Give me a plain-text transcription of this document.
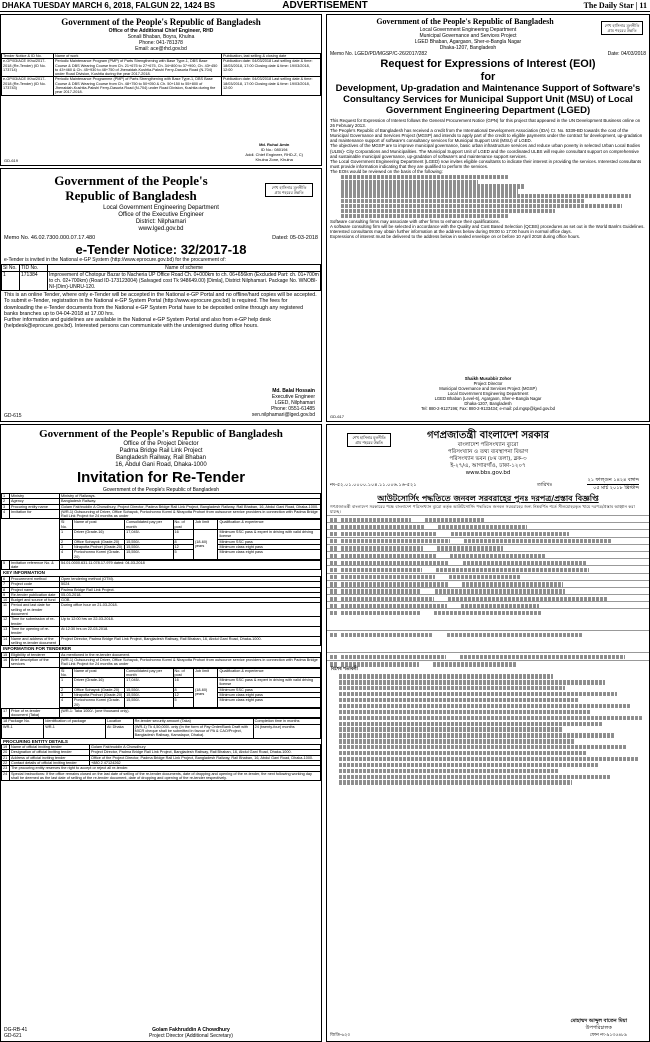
DHAKA TUESDAY MARCH 6, 2018, FALGUN 22, 1424 BS	ADVERTISEMENT	The Daily Star | 11
Government of the People's Republic of Bangladesh
Office of the Additional Chief Engineer, RHD
Sonali Bhaban, Boyra, Khulna
Phone: 041-781378
Email: ace@rhd.gov.bd
Tender Notice & ID No.	Name of work	Publication, last selling & closing date
e-GP/03/ACE /Khu/2017-2018 (Re-Tender) (ID No. 173714)	Periodic Maintenance Program (PMP) of Parts Strengthening with Base Type-1, DBS Base Course & DBS Wearing Course from Ch. 21+675 to 27+675, Ch. 34+800 to 37+900, Ch. 43+450 to 43+460 & Ch. 45+930 to 48+750 of Jhenaidah-Kushtia-Pakshi Ferry-Dasuria Road (N-704) under Road Division, Kushtia during the year 2017-2018.	Publication date: 04/03/2018 Last selling date & time: 18/03/2018, 17:00 Closing date & time: 19/03/2018, 12:00
e-GP/03/ACE /Khu/2017-2018 (Re-Tender) (ID No. 173743)	Periodic Maintenance Programme (PMP) of Parts Strengthening with Base Type-1, DBS Base Course & DBS Wearing Course from Ch. 48+750 to 50+050 & Ch. 50+150 to 55+800 of Jhenaidah-Kushtia-Pakshi Ferry-Dasuria Road (N-704) under Road Division, Kushtia during the year 2017-2018.	Publication date: 04/03/2018 Last selling date & time: 18/03/2018, 17:00 Closing date & time: 19/03/2018, 12:00
Md. Ruhul Amin
ID No.: 080194
Addl. Chief Engineer, RHD-Z, C)
Khulna Zone, Khulna
GD-619
Government of the People's
Republic of Bangladesh
শেখ হাসিনার মূলনীতি গ্রাম শহরের উন্নতি
Local Government Engineering Department
Office of the Executive Engineer
District: Nilphamari
www.lged.gov.bd
Memo No. 46.02.7300.000.07.17.480	Dated: 05-03-2018
e-Tender Notice: 32/2017-18
e-Tender is invited in the National e-GP System (http://www.eprocure.gov.bd) for the procurement of:
Sl No.	TID No.	Name of scheme
1	171384	Improvement of Chotopur Bazar to Nacheria UP Office Road Ch. 0+000km to ch. 06+656km (Excluded Part: ch. 01+700m to ch. 02+700km) (Road ID-173123004) (Salvaged cost Tk 948649.00) [Dimla], District Nilphamari. Package No. WNOBI-NI-(Dim)-UNRU-120.
This is an online Tender, where only e-Tender will be accepted in the National e-GP Portal and no offline/hard copies will be accepted.
To submit e-Tender, registration in the National e-GP System Portal (http://www.eprocure.gov.bd) is required. The fees for downloading the e-Tender documents from the National e-GP System Portal have to be deposited online through any registered banks branches up to 04-04-2018 at 17.00 hrs.
Further information and guidelines are available in the National e-GP System Portal and also from e-GP help desk (helpdesk@eprocure.gov.bd). Interested persons can communicate with the undersigned during office hours.
Md. Balal Hossain
Executive Engineer
LGED, Nilphamari
Phone: 0551-61485
xen.nilphamari@lged.gov.bd
GD-615
Government of the People's Republic of Bangladesh	শেখ হাসিনার মূলনীতি গ্রাম শহরের উন্নতি
Local Government Engineering Department
Municipal Governance and Services Project
LGED Bhaban, Agargaon, Sher-e-Bangla Nagar
Dhaka-1207, Bangladesh
Memo No. LGED/PD/MGSP/C-26/2017/282	Date: 04/03/2018
Request for Expressions of Interest (EOI)
for
Development, Up-gradation and Maintenance Support of Software's
Consultancy Services for Municipal Support Unit (MSU) of Local
Government Engineering Department (LGED)
This Request for Expression of Interest follows the General Procurement Notice (GPN) for this project that appeared in the UN Development Business online on 26 February 2013.
The People's Republic of Bangladesh has received a credit from the International Development Association (IDA) Cr. No. 5339-BD towards the cost of the Municipal Governance and Services Project (MGSP) and intends to apply part of the credit to eligible payments under the contract for development, up-gradation and maintenance support of software's consultancy services for Municipal Support Unit (MSU) of LGED.
The objectives of the MGSP are to improve municipal governance, basic urban infrastructure services and reduce urban poverty in selected Urban Local Bodies (ULBs)- City Corporations and Municipalities. The Municipal Support Unit of LGED and the coordinated ULBS will require consultant support on comprehensive and sustainable municipal governance, up-gradation of software's and maintenance support services.
The Local Government Engineering Department (LGED) now invites eligible consultants to indicate their interest in providing the services. Interested consultants must provide information indicating that they are qualified to perform the services.
The EOIs would be reviewed on the basis of the following:
Software consulting firms may associate with other firms to enhance their qualifications.
A software consulting firm will be selected in accordance with the Quality and Cost Based Selection (QCBS) procedures as set out in the World Bank's Guidelines.
Interested consultants may obtain further information at the address below during 09:00 to 17:00 hours in normal office days.
Expressions of interest must be delivered to the address below in sealed envelope on or before 10 April 2018 during office hours.
Shaikh Musabbir Zohor
Project Director
Municipal Governance and Services Project (MGSP)
Local Government Engineering Department
LGED Bhaban (Level-6), Agargaon, Sher-e-Bangla Nagar
Dhaka-1207, Bangladesh
Tel: 880-2-9127196; Fax: 880-2-9133434; e-mail: pd.mgsp@lged.gov.bd
GD-617
Government of the People's Republic of Bangladesh
Office of the Project Director
Padma Bridge Rail Link Project
Bangladesh Railway, Rail Bhaban
16, Abdul Gani Road, Dhaka-1000
Invitation for Re-Tender
Government of the People's Republic of Bangladesh
1	Ministry	Ministry of Railways.
2	Agency	Bangladesh Railway.
3	Procuring entity name	Golam Fakhruddin A Chowdhury, Project Director, Padma Bridge Rail Link Project, Bangladesh Railway, Rail Bhaban, 16, Abdul Gani Road, Dhaka-1000.
4	Invitation for	(WR-1) Outsourcing of Driver, Office Sohayok, Poricchonno Kormi & Nirapotta Prohori from outsource service providers in connection with Padma Bridge Rail Link Project for 24 months as under
Sl No.	Name of post	Consolidated pay per month	No. of post	Job limit	Qualification & experience
1	Driver (Grade-16)	17,045/-	16	(18-60) years	Minimum SSC pass & expert in driving with valid driving license
2	Office Sohayok (Grade-20)	15,550/-	8		Minimum SSC pass
3	Nirapotta Prohori (Grade-20)	15,550/-	12		Minimum class eight pass
4	Poricchonno Kormi (Grade-20)	15,550/-	5		Minimum class eight pass
5	Invitation reference No. & date	54.01.0000.631.11.078.17-979 dated: 04-03-2018
KEY INFORMATION
6	Procurement method	Open tendering method (OTM).
7	Project code	5024
8	Project name	Padma Bridge Rail Link Project.
9	Re-tender publication date	05-03-2018.
10	Budget and source of fund	GOB.
11	Period and last date for selling of re-tender document	During office hour on 21-03-2018.
12	Time for submission of re-tender	Up to 12:00 hrs on 22-03-2018.
13	Time for opening of re-tender	At 12:30 hrs on 22-03-2018.
14	Name and address of the selling re-tender document	Project Director, Padma Bridge Rail Link Project, Bangladesh Railway, Rail Bhaban, 16, Abdul Gani Road, Dhaka-1000.
INFORMATION FOR TENDERER
15	Eligibility of tenderer	As mentioned in the re-tender document.
16	Brief description of the services	(WR-1) Outsourcing of Driver, Office Sohayok, Poricchonno Kormi & Nirapotta Prohori from outsource service providers in connection with Padma Bridge Rail Link Project for 24 months as under
Sl No.	Name of post	Consolidated pay per month	No. of post	Job limit	Qualification & experience
1	Driver (Grade-16)	17,045/-	16	(18-60) years	Minimum SSC pass & expert in driving with valid driving license
2	Office Sohayok (Grade-20)	15,550/-	8		Minimum SSC pass
3	Nirapotta Prohori (Grade-20)	15,550/-	12		Minimum class eight pass
4	Poricchonno Kormi (Grade-20)	15,550/-	5		Minimum class eight pass
17	Price of re-tender document (Taka)	(WR-1: Taka 1000/- (one thousand only).
18 Package No.	Identification of package	Location	Re-tender security amount (Taka)	Completion time in months
WR-1	WR-1	At: Dhaka	(WR-1) Tk 4,50,000/- only (In the form of Pay Order/Bank Draft with MICR cheque shall be submitted in favour of PA & CAO/Project, Bangladesh Railway, Kamalapur, Dhaka).	24 (twenty-four) months
PROCURING ENTITY DETAILS
19	Name of official inviting tender	Golam Fakhruddin A Chowdhury
20	Designation of official inviting tender	Project Director, Padma Bridge Rail Link Project, Bangladesh Railway, Rail Bhaban, 16, Abdul Gani Road, Dhaka-1000.
21	Address of official inviting tender	Office of the Project Director, Padma Bridge Rail Link Project, Bangladesh Railway, Rail Bhaban, 16, Abdul Gani Road, Dhaka-1000.
22	Contact details of official inviting tender	+880 2 47124262
23	The procuring entity reserves the right to accept or reject all re-tender.	
24	Special Instructions: If the office remains closed on the last date of selling of the re-tender documents, date of dropping and opening of the re-tender, the next following working day shall be deemed as the last date of selling of the re-tender document, date of dropping and opening of the re-tender respectively.	
DG-RB-41
GD-621
Golam Fakhruddin A Chowdhury
Project Director (Additional Secretary)
শেখ হাসিনার মূলনীতি গ্রাম শহরের উন্নতি
গণপ্রজাতন্ত্রী বাংলাদেশ সরকার
বাংলাদেশ পরিসংখ্যান ব্যুরো
পরিসংখ্যান ও তথ্য ব্যবস্থাপনা বিভাগ
পরিসংখ্যান ভবন (৮ম তলা), ব্লক-৩
ই-২৭/এ, আগারগাঁও, ঢাকা-১২০৭
www.bbs.gov.bd
নং-৫২.০১.০০০০.১০৪.১১.০০৬.১৬-৫২১	তারিখঃ
২১ ফাল্গুন ১৪২৪ বঙ্গাব্দ
০৫ মার্চ ২০১৮ খ্রিস্টাব্দ
আউটসোর্সিং পদ্ধতিতে জনবল সরবরাহের পুনঃ দরপত্র/প্রস্তাব বিজ্ঞপ্তি
গণপ্রজাতন্ত্রী বাংলাদেশ সরকারের পক্ষে বাংলাদেশ পরিসংখ্যান ব্যুরো কর্তৃক আউটসোর্সিং পদ্ধতিতে জনবল সরবরাহের জন্য নিম্নবর্ণিত শর্তে সীলমোহরকৃত খামে দরপত্র/প্রস্তাব আহ্বান করা যাচ্ছে।
বিশেষ শর্তাবলী
মোহাম্মদ আব্দুল বাতেন মিয়া
উপপরিচালক
জিডি-৬২০	ফোন নং-৯১৩৫৪৮৯
